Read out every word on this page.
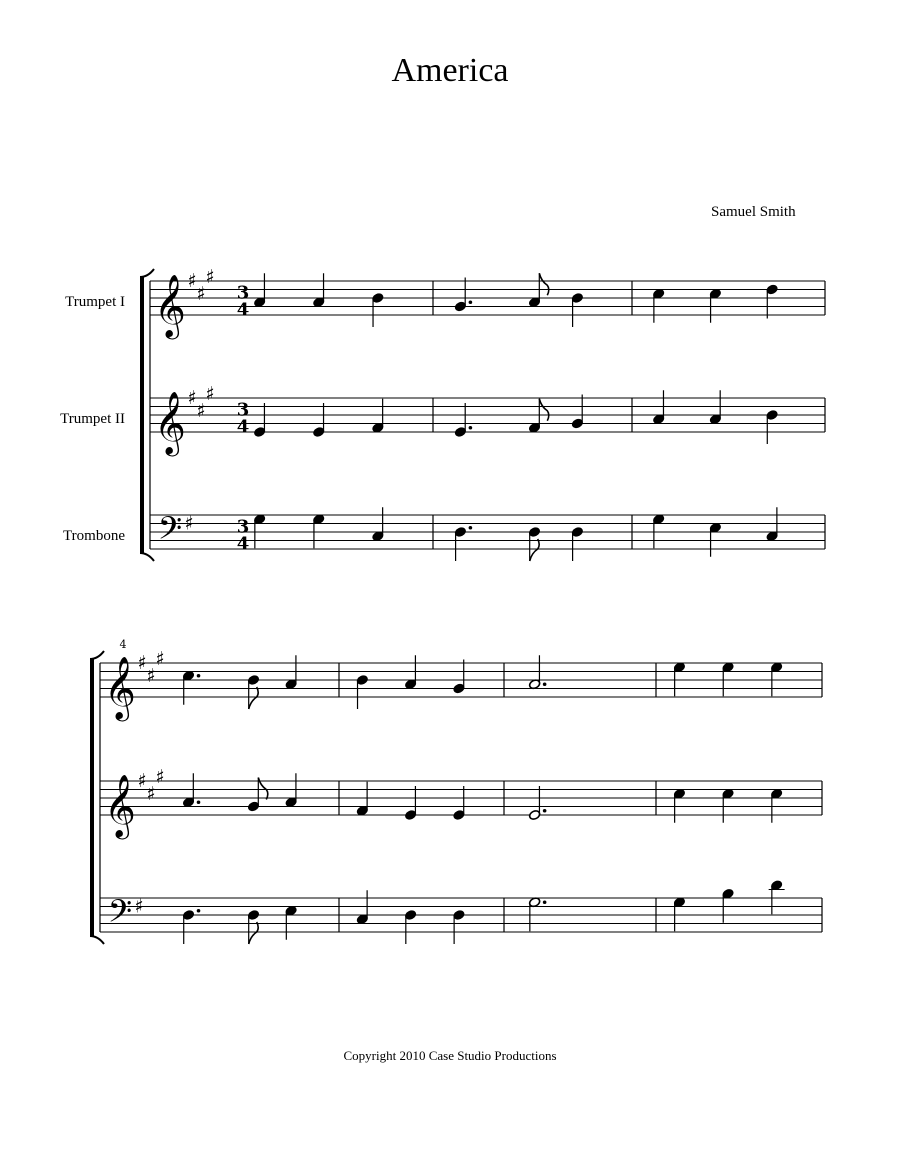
America
Samuel Smith
Trumpet I
Trumpet II
Trombone
𝄞 ♯
♯
♯
3
4
𝄞 ♯
♯
♯
3
4
𝄢 ♯ 3
4
4
𝄞 ♯
♯
♯
𝄞 ♯
♯
♯
𝄢 ♯
Copyright 2010 Case Studio Productions
